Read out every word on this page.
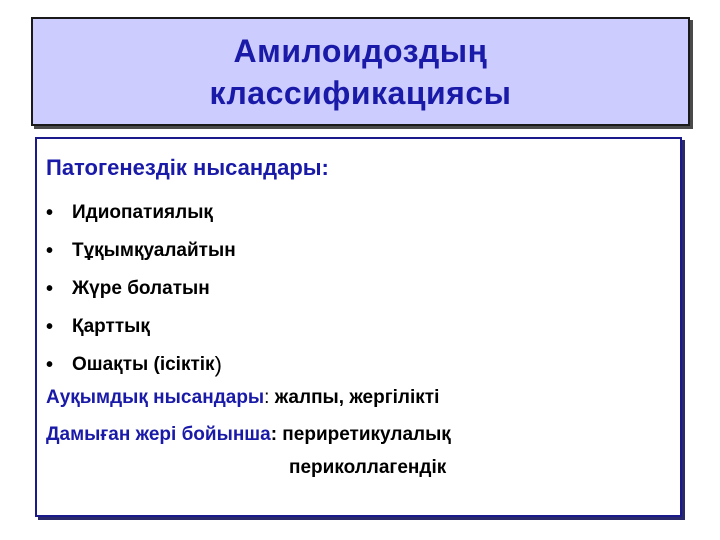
Амилоидоздың
классификациясы
Патогенездік нысандары:
• Идиопатиялық
• Тұқымқуалайтын
• Жүре болатын
• Қарттық
• Ошақты (iсiктiк )
Ауқымдық нысандары: жалпы, жергiлiктi
Дамыған жерi бойынша: периретикулалық
периколлагендiк
